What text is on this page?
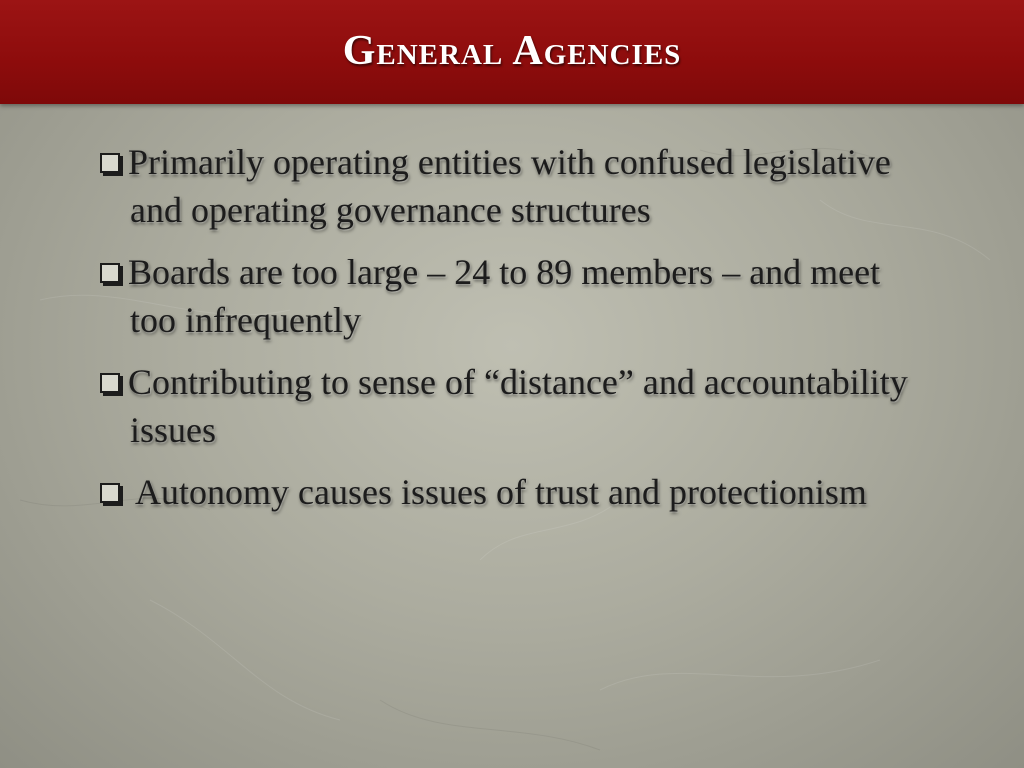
General Agencies

Primarily operating entities with confused legislative and operating governance structures

Boards are too large – 24 to 89 members – and meet too infrequently

Contributing to sense of “distance” and accountability issues

Autonomy causes issues of trust and protectionism
